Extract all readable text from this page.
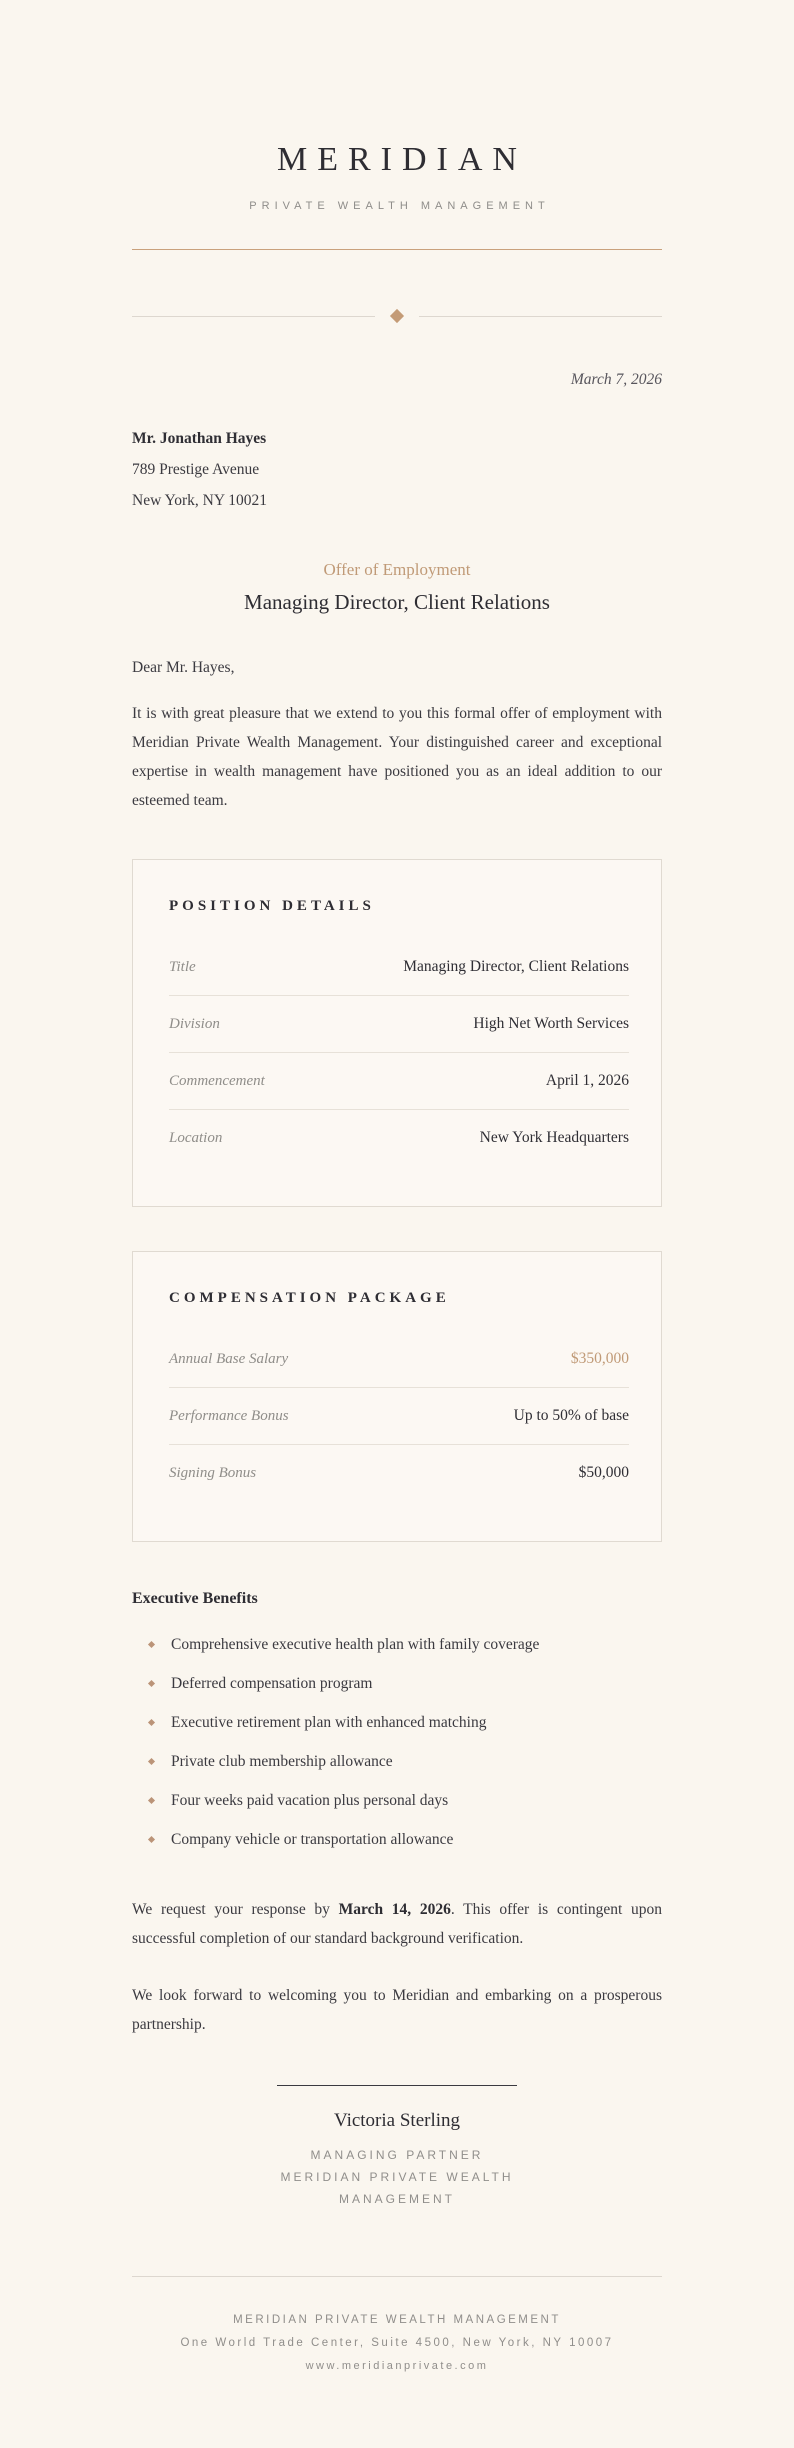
MERIDIAN
PRIVATE WEALTH MANAGEMENT
March 7, 2026
Mr. Jonathan Hayes
789 Prestige Avenue
New York, NY 10021
Offer of Employment
Managing Director, Client Relations
Dear Mr. Hayes,

It is with great pleasure that we extend to you this formal offer of employment with Meridian Private Wealth Management. Your distinguished career and exceptional expertise in wealth management have positioned you as an ideal addition to our esteemed team.

POSITION DETAILS
Title	Managing Director, Client Relations
Division	High Net Worth Services
Commencement	April 1, 2026
Location	New York Headquarters
COMPENSATION PACKAGE
Annual Base Salary	$350,000
Performance Bonus	Up to 50% of base
Signing Bonus	$50,000
Executive Benefits
Comprehensive executive health plan with family coverage
Deferred compensation program
Executive retirement plan with enhanced matching
Private club membership allowance
Four weeks paid vacation plus personal days
Company vehicle or transportation allowance

We request your response by March 14, 2026. This offer is contingent upon successful completion of our standard background verification.

We look forward to welcoming you to Meridian and embarking on a prosperous partnership.

Victoria Sterling
MANAGING PARTNER
MERIDIAN PRIVATE WEALTH MANAGEMENT
MERIDIAN PRIVATE WEALTH MANAGEMENT
One World Trade Center, Suite 4500, New York, NY 10007
www.meridianprivate.com
